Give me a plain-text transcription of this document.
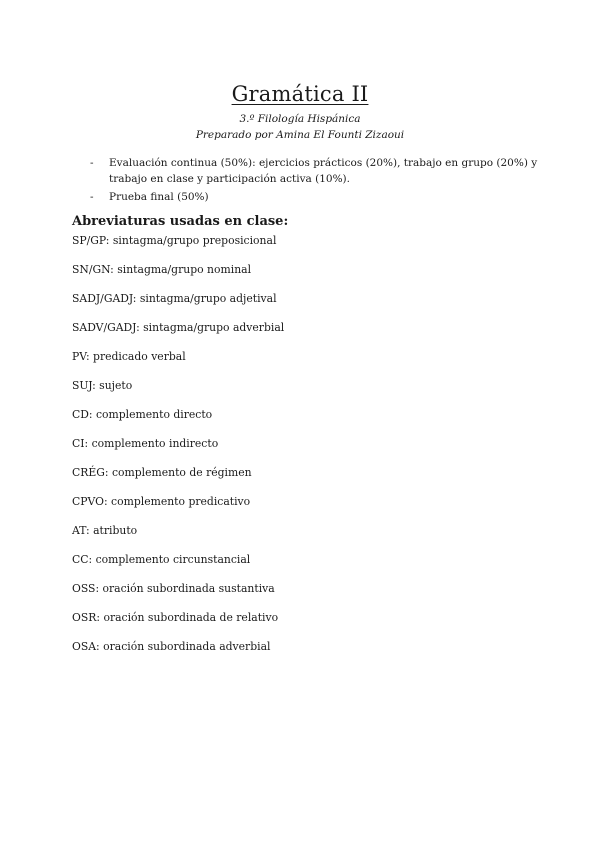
Gramática II
3.º Filología Hispánica
Preparado por Amina El Founti Zizaoui
- Evaluación continua (50%): ejercicios prácticos (20%), trabajo en grupo (20%) y trabajo en clase y participación activa (10%).
- Prueba final (50%)
Abreviaturas usadas en clase:
SP/GP: sintagma/grupo preposicional
SN/GN: sintagma/grupo nominal
SADJ/GADJ: sintagma/grupo adjetival
SADV/GADJ: sintagma/grupo adverbial
PV: predicado verbal
SUJ: sujeto
CD: complemento directo
CI: complemento indirecto
CRÉG: complemento de régimen
CPVO: complemento predicativo
AT: atributo
CC: complemento circunstancial
OSS: oración subordinada sustantiva
OSR: oración subordinada de relativo
OSA: oración subordinada adverbial
